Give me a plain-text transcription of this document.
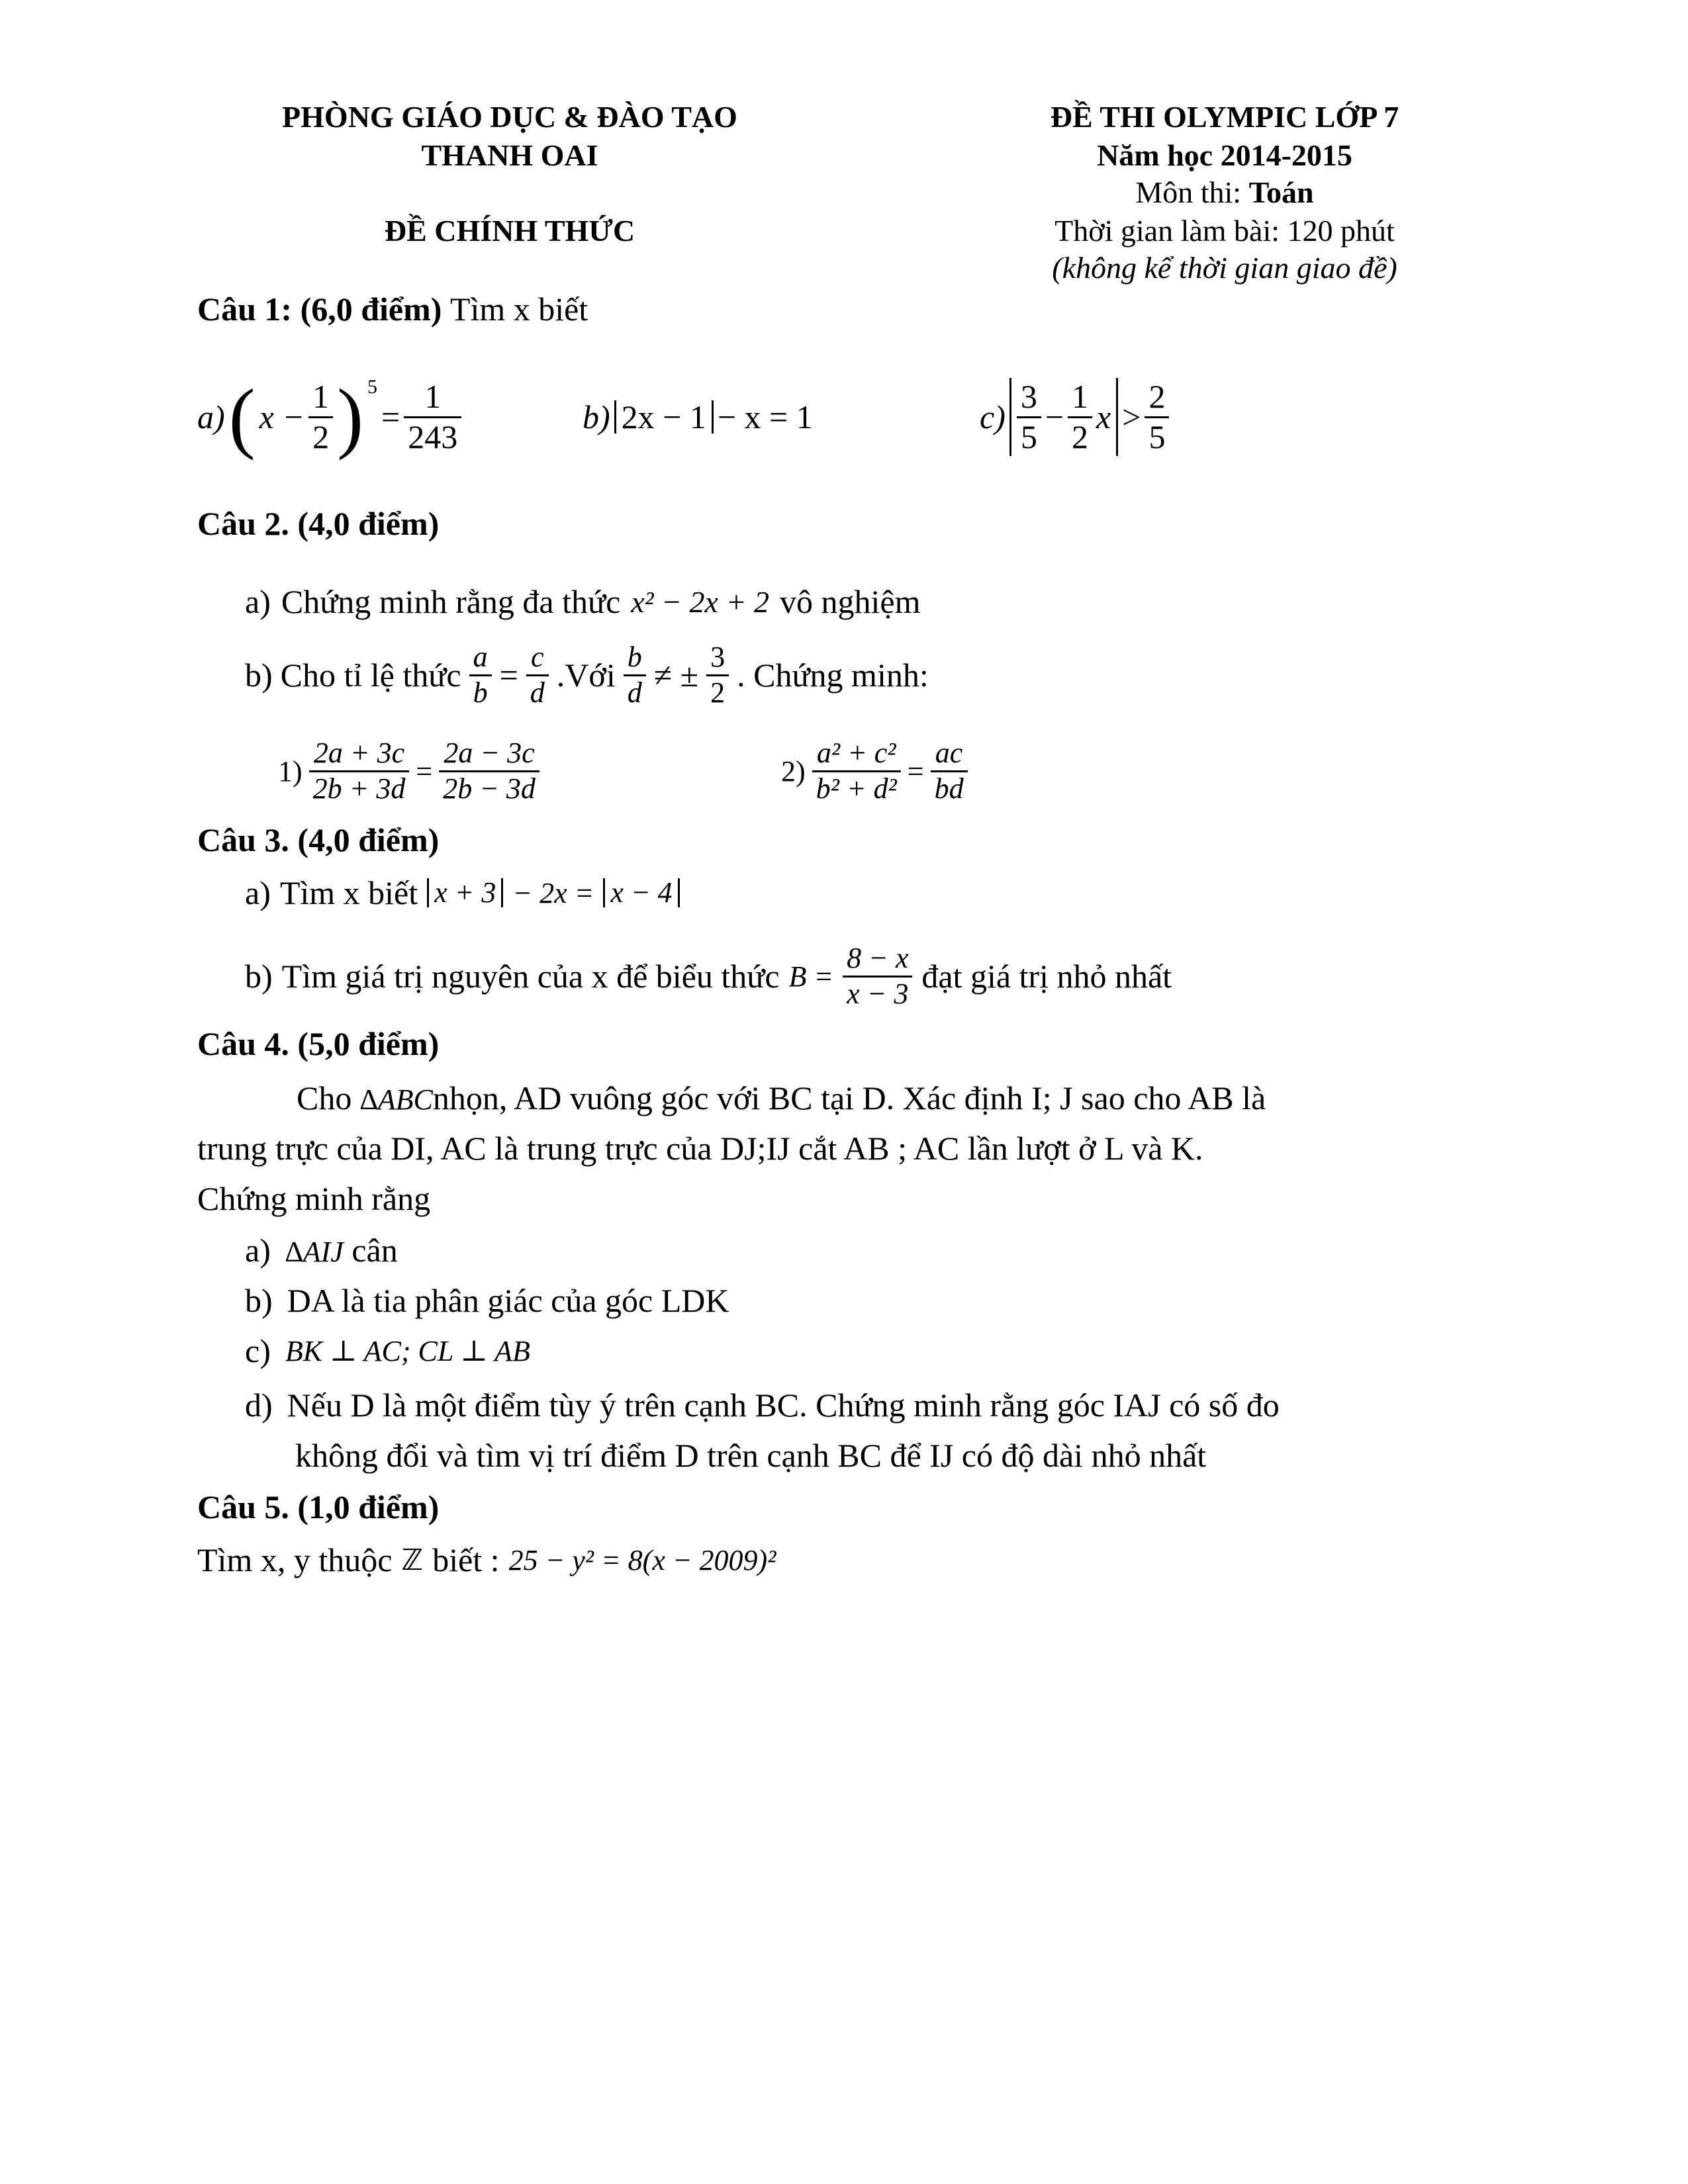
PHÒNG GIÁO DỤC & ĐÀO TẠO
THANH OAI
ĐỀ CHÍNH THỨC
ĐỀ THI OLYMPIC LỚP 7
Năm học 2014-2015
Môn thi: Toán
Thời gian làm bài: 120 phút
(không kể thời gian giao đề)
Câu 1: (6,0 điểm) Tìm x biết
a) ( $x - \frac{1}{2}$ ) 5
= $\frac{1}{243}$	b) 2x − 1 − x = 1	$c) \frac{3}{5} - \frac{1}{2}$ $x > \frac{2}{5}$
Câu 2. (4,0 điểm)
a) Chứng minh rằng đa thức x² − 2x + 2 vô nghiệm
b) Cho tỉ lệ thức $\frac{a}{b} = \frac{c}{d}$ .Với $\frac{b}{d}$ ≠ ± $\frac{3}{2}$ . Chứng minh:
$1) \frac{2a + 3c}{2b + 3d} = \frac{2a - 3c}{2b - 3d}$	$2) \frac{\text{a² + c²}}{\text{b² + d²}} = \frac{ac}{bd}$
Câu 3. (4,0 điểm)
a) Tìm x biết x + 3 − 2x = x − 4
b) Tìm giá trị nguyên của x để biểu thức $B = \frac{8 - x}{x - 3}$ đạt giá trị nhỏ nhất
Câu 4. (5,0 điểm)
Cho ∆ABCnhọn, AD vuông góc với BC tại D. Xác định I; J sao cho AB là
trung trực của DI, AC là trung trực của DJ;IJ cắt AB ; AC lần lượt ở L và K.
Chứng minh rằng
a) ∆AIJ cân
b) DA là tia phân giác của góc LDK
c) BK ⊥ AC; CL ⊥ AB
d) Nếu D là một điểm tùy ý trên cạnh BC. Chứng minh rằng góc IAJ có số đo
không đổi và tìm vị trí điểm D trên cạnh BC để IJ có độ dài nhỏ nhất
Câu 5. (1,0 điểm)
Tìm x, y thuộc ℤ biết : 25 − y² = 8(x − 2009)²
